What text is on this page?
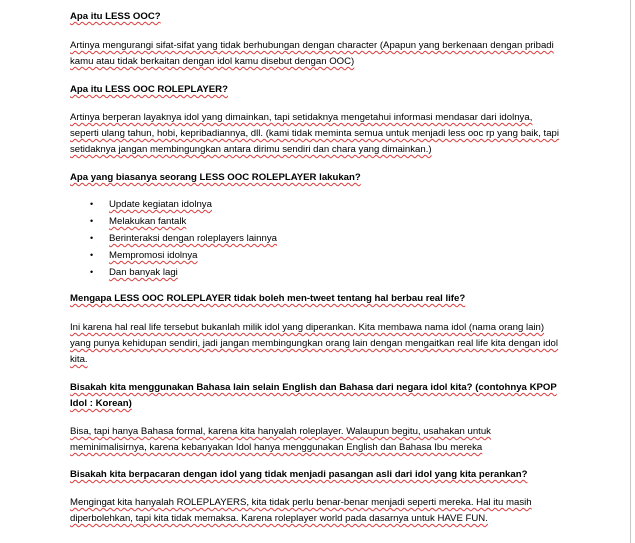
Apa itu LESS OOC?

Artinya mengurangi sifat-sifat yang tidak berhubungan dengan character (Apapun yang berkenaan dengan pribadi kamu atau tidak berkaitan dengan idol kamu disebut dengan OOC)

Apa itu LESS OOC ROLEPLAYER?

Artinya berperan layaknya idol yang dimainkan, tapi setidaknya mengetahui informasi mendasar dari idolnya, seperti ulang tahun, hobi, kepribadiannya, dll. (kami tidak meminta semua untuk menjadi less ooc rp yang baik, tapi setidaknya jangan membingungkan antara dirimu sendiri dan chara yang dimainkan.)

Apa yang biasanya seorang LESS OOC ROLEPLAYER lakukan?

• Update kegiatan idolnya
• Melakukan fantalk
• Berinteraksi dengan roleplayers lainnya
• Mempromosi idolnya
• Dan banyak lagi

Mengapa LESS OOC ROLEPLAYER tidak boleh men-tweet tentang hal berbau real life?

Ini karena hal real life tersebut bukanlah milik idol yang diperankan. Kita membawa nama idol (nama orang lain) yang punya kehidupan sendiri, jadi jangan membingungkan orang lain dengan mengaitkan real life kita dengan idol kita.

Bisakah kita menggunakan Bahasa lain selain English dan Bahasa dari negara idol kita? (contohnya KPOP Idol : Korean)

Bisa, tapi hanya Bahasa formal, karena kita hanyalah roleplayer. Walaupun begitu, usahakan untuk meminimalisirnya, karena kebanyakan Idol hanya menggunakan English dan Bahasa Ibu mereka

Bisakah kita berpacaran dengan idol yang tidak menjadi pasangan asli dari idol yang kita perankan?

Mengingat kita hanyalah ROLEPLAYERS, kita tidak perlu benar-benar menjadi seperti mereka. Hal itu masih diperbolehkan, tapi kita tidak memaksa. Karena roleplayer world pada dasarnya untuk HAVE FUN.
